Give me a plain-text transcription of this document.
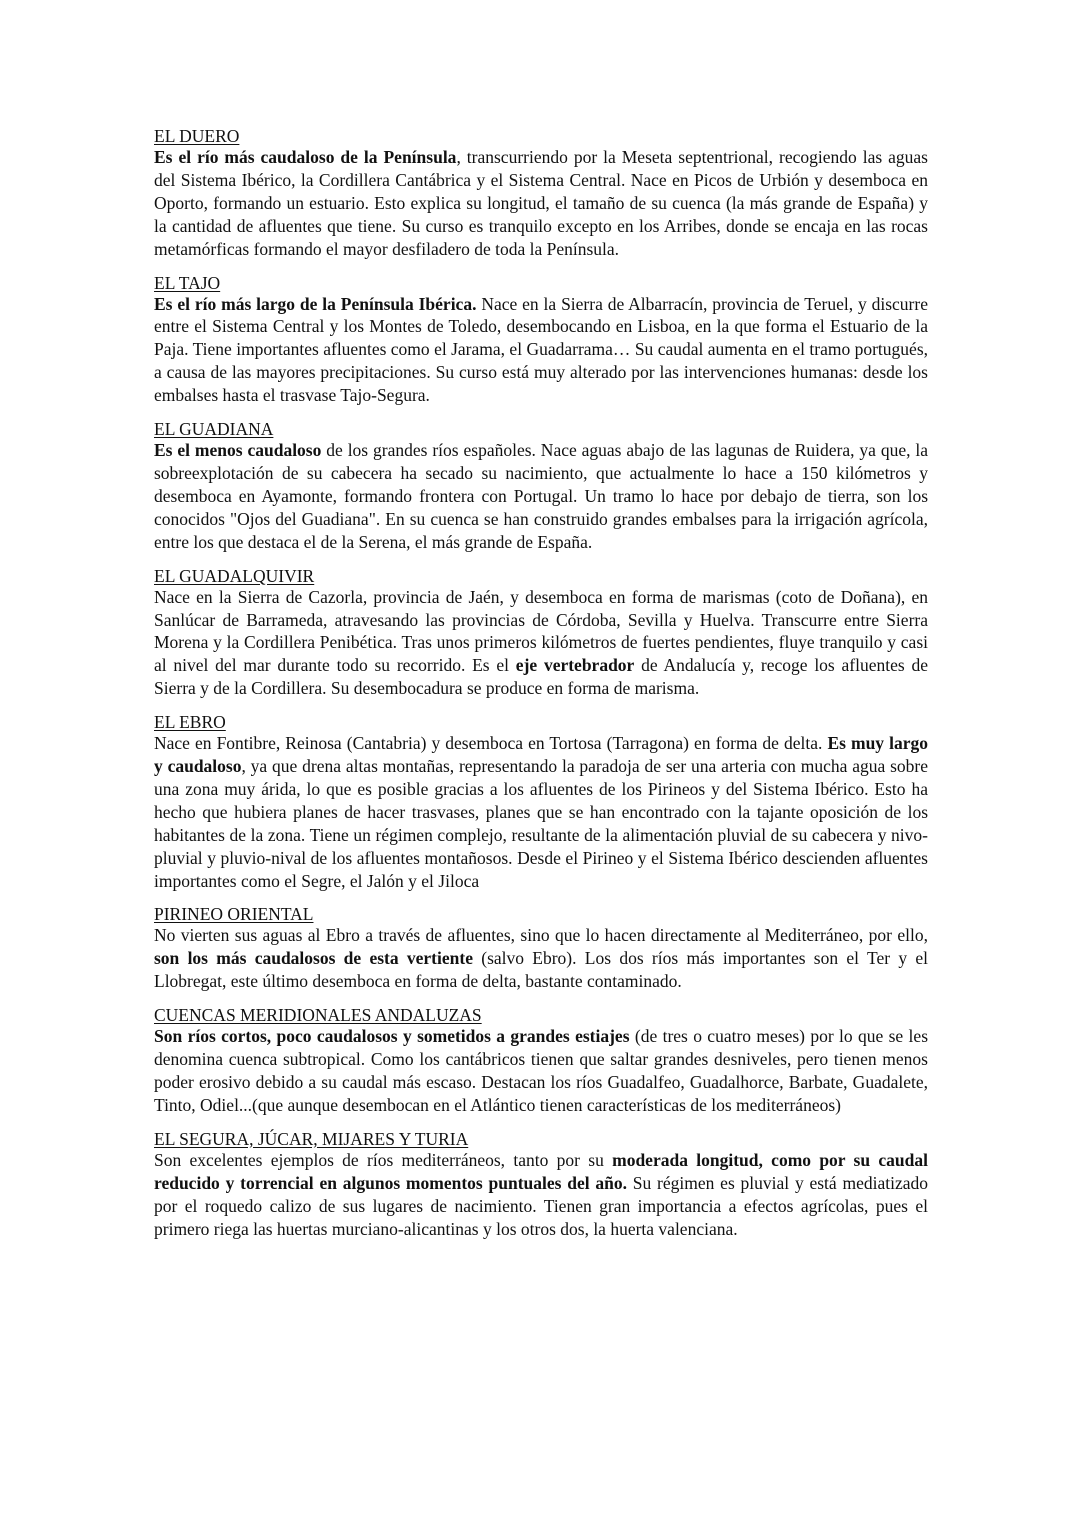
EL DUERO

Es el río más caudaloso de la Península, transcurriendo por la Meseta septentrional, recogiendo las aguas del Sistema Ibérico, la Cordillera Cantábrica y el Sistema Central. Nace en Picos de Urbión y desemboca en Oporto, formando un estuario. Esto explica su longitud, el tamaño de su cuenca (la más grande de España) y la cantidad de afluentes que tiene. Su curso es tranquilo excepto en los Arribes, donde se encaja en las rocas metamórficas formando el mayor desfiladero de toda la Península.

EL TAJO

Es el río más largo de la Península Ibérica. Nace en la Sierra de Albarracín, provincia de Teruel, y discurre entre el Sistema Central y los Montes de Toledo, desembocando en Lisboa, en la que forma el Estuario de la Paja. Tiene importantes afluentes como el Jarama, el Guadarrama… Su caudal aumenta en el tramo portugués, a causa de las mayores precipitaciones. Su curso está muy alterado por las intervenciones humanas: desde los embalses hasta el trasvase Tajo-Segura.

EL GUADIANA

Es el menos caudaloso de los grandes ríos españoles. Nace aguas abajo de las lagunas de Ruidera, ya que, la sobreexplotación de su cabecera ha secado su nacimiento, que actualmente lo hace a 150 kilómetros y desemboca en Ayamonte, formando frontera con Portugal. Un tramo lo hace por debajo de tierra, son los conocidos "Ojos del Guadiana". En su cuenca se han construido grandes embalses para la irrigación agrícola, entre los que destaca el de la Serena, el más grande de España.

EL GUADALQUIVIR

Nace en la Sierra de Cazorla, provincia de Jaén, y desemboca en forma de marismas (coto de Doñana), en Sanlúcar de Barrameda, atravesando las provincias de Córdoba, Sevilla y Huelva. Transcurre entre Sierra Morena y la Cordillera Penibética. Tras unos primeros kilómetros de fuertes pendientes, fluye tranquilo y casi al nivel del mar durante todo su recorrido. Es el eje vertebrador de Andalucía y, recoge los afluentes de Sierra y de la Cordillera. Su desembocadura se produce en forma de marisma.

EL EBRO

Nace en Fontibre, Reinosa (Cantabria) y desemboca en Tortosa (Tarragona) en forma de delta. Es muy largo y caudaloso, ya que drena altas montañas, representando la paradoja de ser una arteria con mucha agua sobre una zona muy árida, lo que es posible gracias a los afluentes de los Pirineos y del Sistema Ibérico. Esto ha hecho que hubiera planes de hacer trasvases, planes que se han encontrado con la tajante oposición de los habitantes de la zona. Tiene un régimen complejo, resultante de la alimentación pluvial de su cabecera y nivo-pluvial y pluvio-nival de los afluentes montañosos. Desde el Pirineo y el Sistema Ibérico descienden afluentes importantes como el Segre, el Jalón y el Jiloca

PIRINEO ORIENTAL

No vierten sus aguas al Ebro a través de afluentes, sino que lo hacen directamente al Mediterráneo, por ello, son los más caudalosos de esta vertiente (salvo Ebro). Los dos ríos más importantes son el Ter y el Llobregat, este último desemboca en forma de delta, bastante contaminado.

CUENCAS MERIDIONALES ANDALUZAS

Son ríos cortos, poco caudalosos y sometidos a grandes estiajes (de tres o cuatro meses) por lo que se les denomina cuenca subtropical. Como los cantábricos tienen que saltar grandes desniveles, pero tienen menos poder erosivo debido a su caudal más escaso. Destacan los ríos Guadalfeo, Guadalhorce, Barbate, Guadalete, Tinto, Odiel...(que aunque desembocan en el Atlántico tienen características de los mediterráneos)

EL SEGURA, JÚCAR, MIJARES Y TURIA

Son excelentes ejemplos de ríos mediterráneos, tanto por su moderada longitud, como por su caudal reducido y torrencial en algunos momentos puntuales del año. Su régimen es pluvial y está mediatizado por el roquedo calizo de sus lugares de nacimiento. Tienen gran importancia a efectos agrícolas, pues el primero riega las huertas murciano-alicantinas y los otros dos, la huerta valenciana.
